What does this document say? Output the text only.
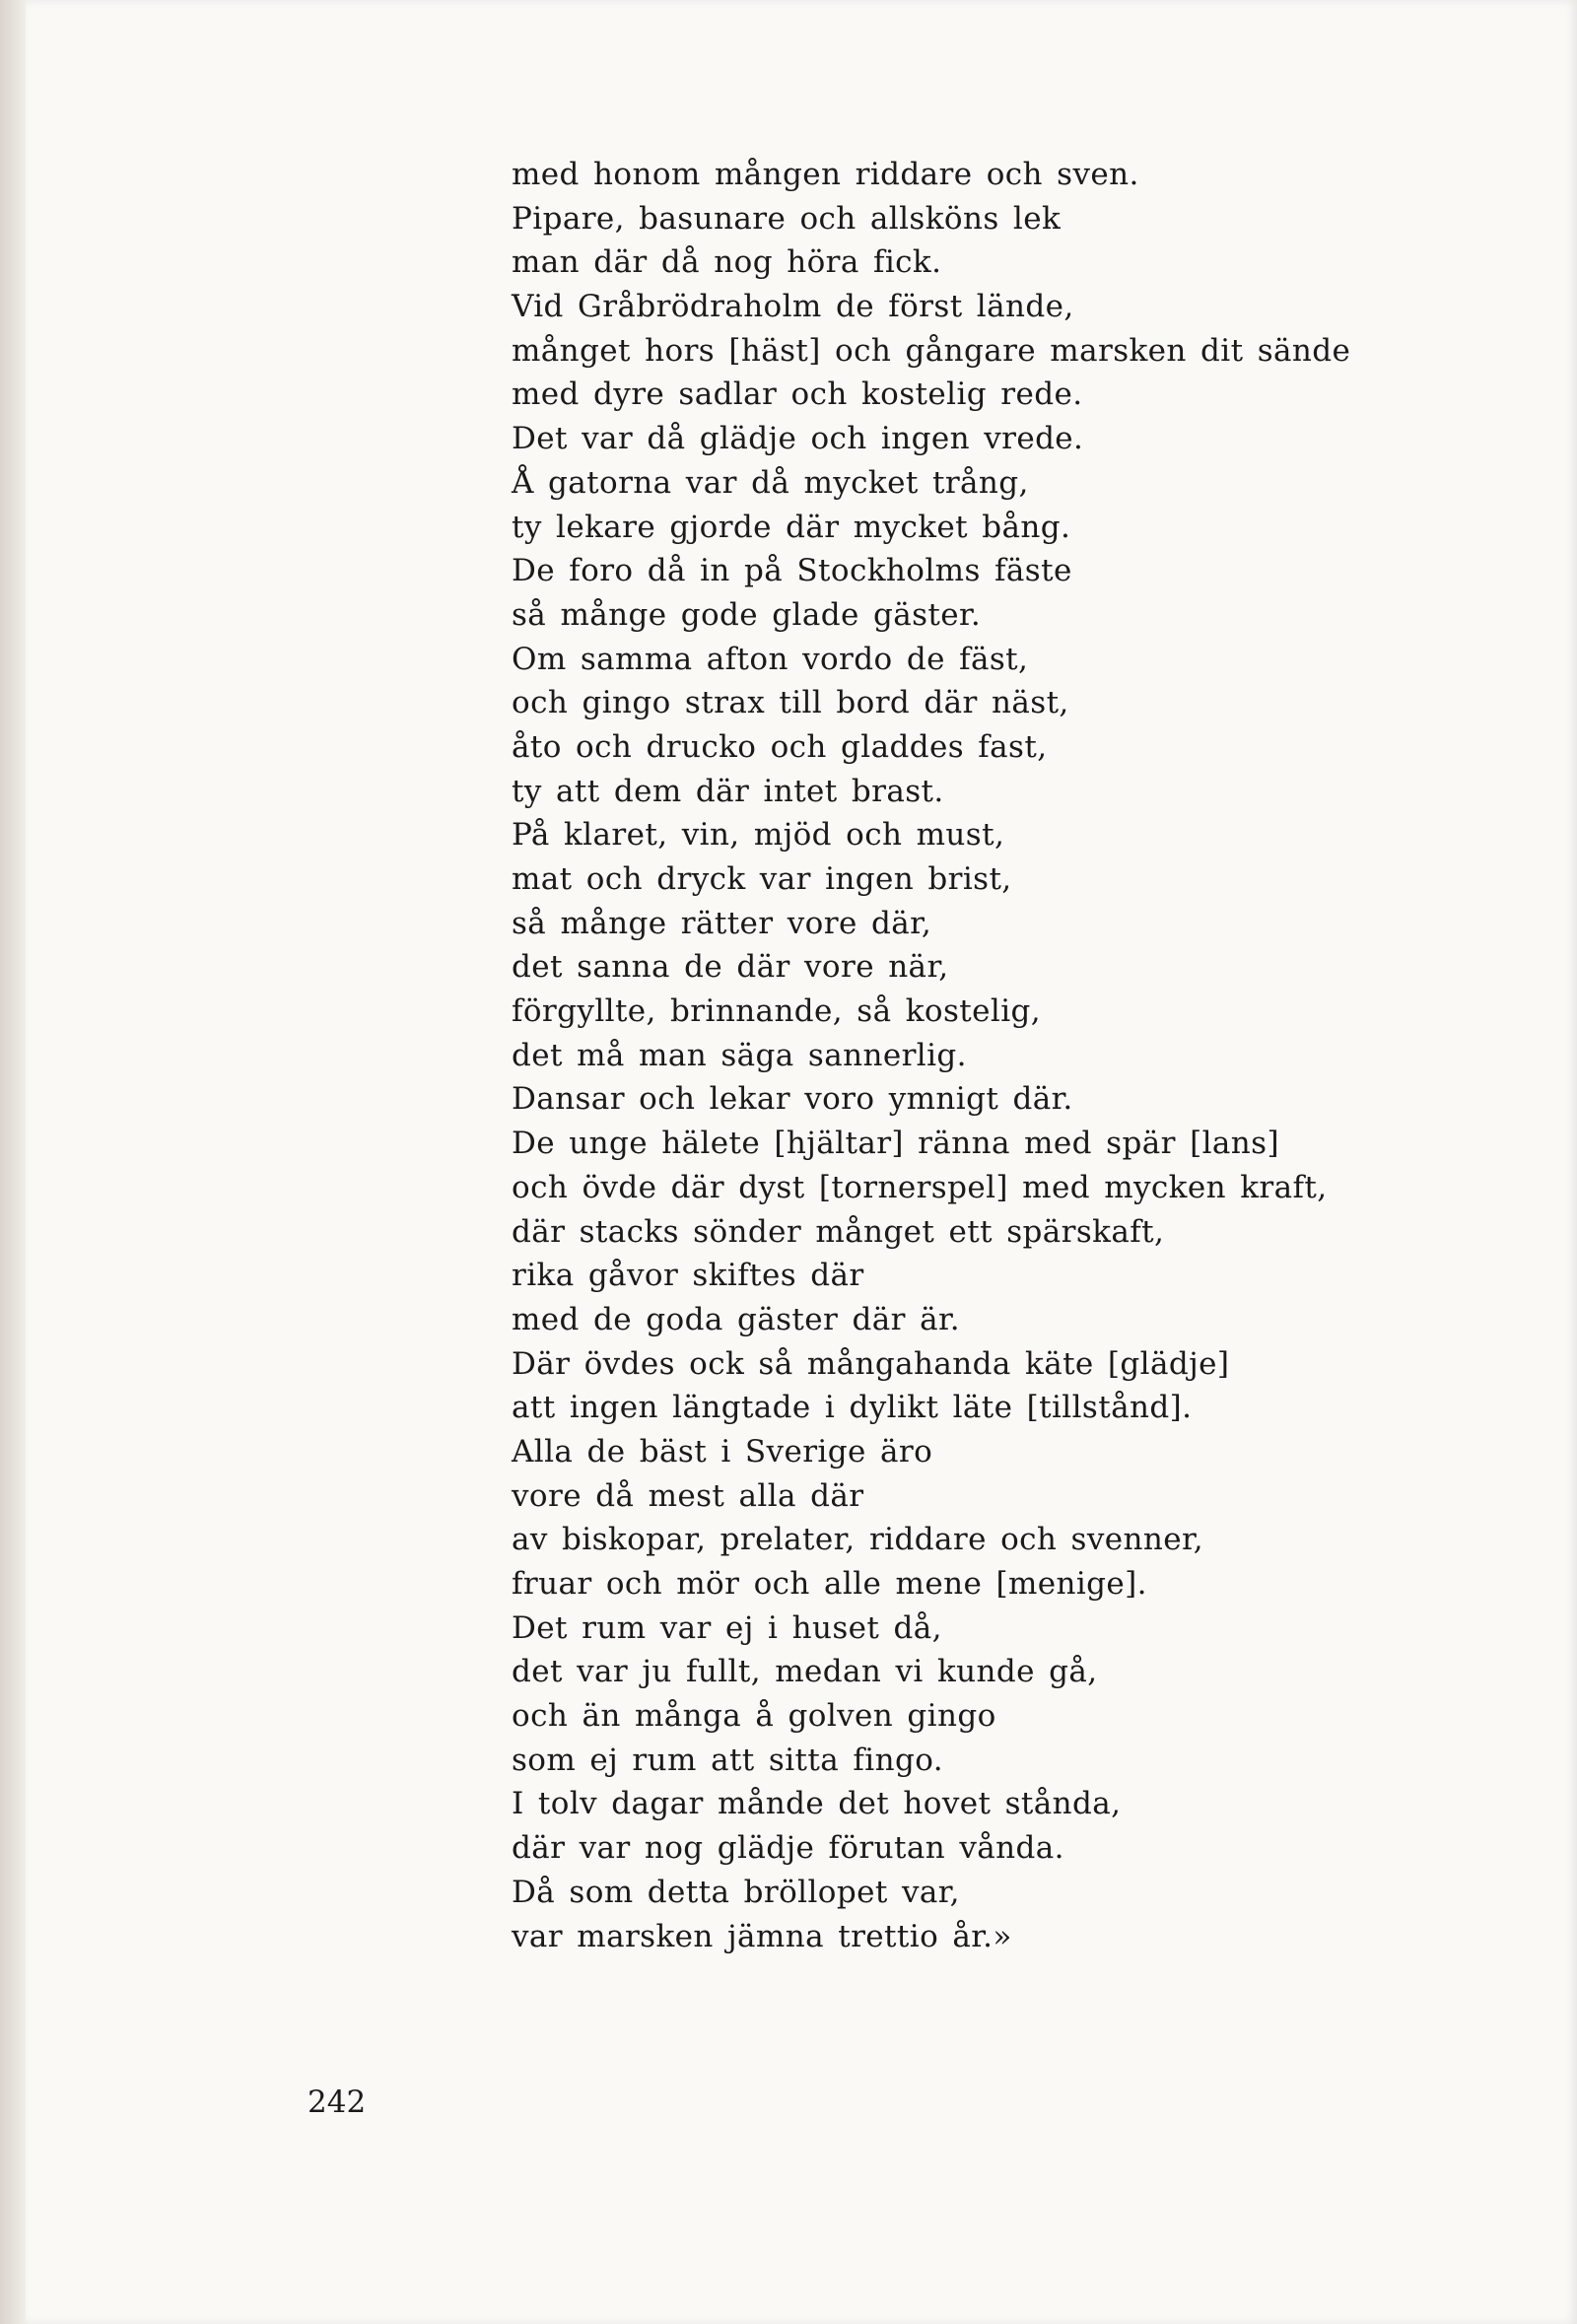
med honom mången riddare och sven.
Pipare, basunare och allsköns lek
man där då nog höra fick.
Vid Gråbrödraholm de först lände,
månget hors [häst] och gångare marsken dit sände
med dyre sadlar och kostelig rede.
Det var då glädje och ingen vrede.
Å gatorna var då mycket trång,
ty lekare gjorde där mycket bång.
De foro då in på Stockholms fäste
så månge gode glade gäster.
Om samma afton vordo de fäst,
och gingo strax till bord där näst,
åto och drucko och gladdes fast,
ty att dem där intet brast.
På klaret, vin, mjöd och must,
mat och dryck var ingen brist,
så månge rätter vore där,
det sanna de där vore när,
förgyllte, brinnande, så kostelig,
det må man säga sannerlig.
Dansar och lekar voro ymnigt där.
De unge hälete [hjältar] ränna med spär [lans]
och övde där dyst [tornerspel] med mycken kraft,
där stacks sönder månget ett spärskaft,
rika gåvor skiftes där
med de goda gäster där är.
Där övdes ock så mångahanda käte [glädje]
att ingen längtade i dylikt läte [tillstånd].
Alla de bäst i Sverige äro
vore då mest alla där
av biskopar, prelater, riddare och svenner,
fruar och mör och alle mene [menige].
Det rum var ej i huset då,
det var ju fullt, medan vi kunde gå,
och än många å golven gingo
som ej rum att sitta fingo.
I tolv dagar månde det hovet stånda,
där var nog glädje förutan vånda.
Då som detta bröllopet var,
var marsken jämna trettio år.»
242
